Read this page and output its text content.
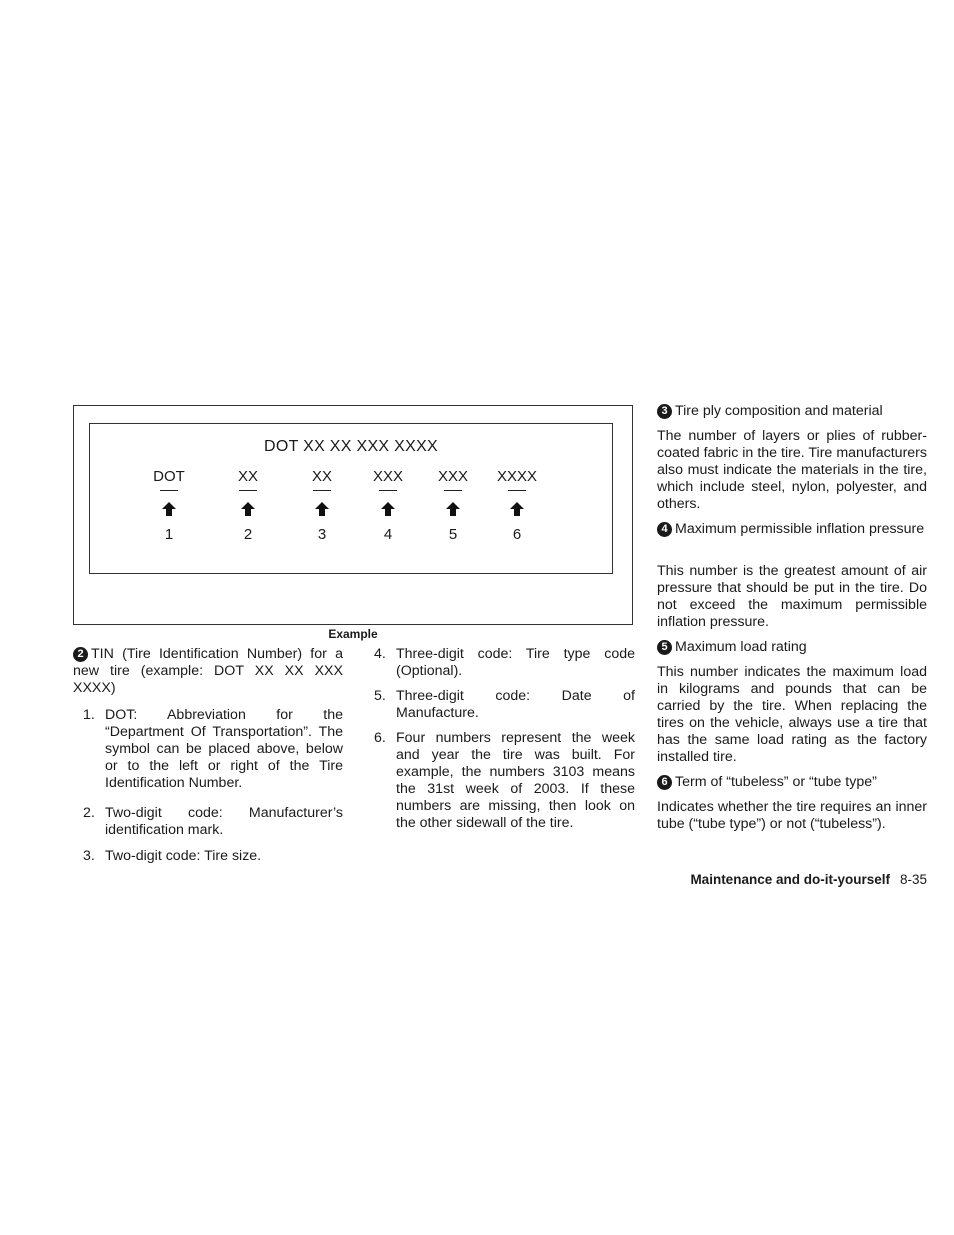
DOT XX XX XXX XXXX
DOT
1
XX
2
XX
3
XXX
4
XXX
5
XXXX
6
Example
2 TIN (Tire Identification Number) for a new tire (example: DOT XX XX XXX XXXX)
1. DOT: Abbreviation for the “Department Of Transportation”. The symbol can be placed above, below or to the left or right of the Tire Identification Number.
2. Two-digit code: Manufacturer’s identification mark.
3. Two-digit code: Tire size.
4. Three-digit code: Tire type code (Optional).
5. Three-digit code: Date of Manufacture.
6. Four numbers represent the week and year the tire was built. For example, the numbers 3103 means the 31st week of 2003. If these numbers are missing, then look on the other sidewall of the tire.
3 Tire ply composition and material
The number of layers or plies of rubber-coated fabric in the tire. Tire manufacturers also must indicate the materials in the tire, which include steel, nylon, polyester, and others.
4 Maximum permissible inflation pressure
This number is the greatest amount of air pressure that should be put in the tire. Do not exceed the maximum permissible inflation pressure.
5 Maximum load rating
This number indicates the maximum load in kilograms and pounds that can be carried by the tire. When replacing the tires on the vehicle, always use a tire that has the same load rating as the factory installed tire.
6 Term of “tubeless” or “tube type”
Indicates whether the tire requires an inner tube (“tube type”) or not (“tubeless”).
Maintenance and do-it-yourself 8-35
